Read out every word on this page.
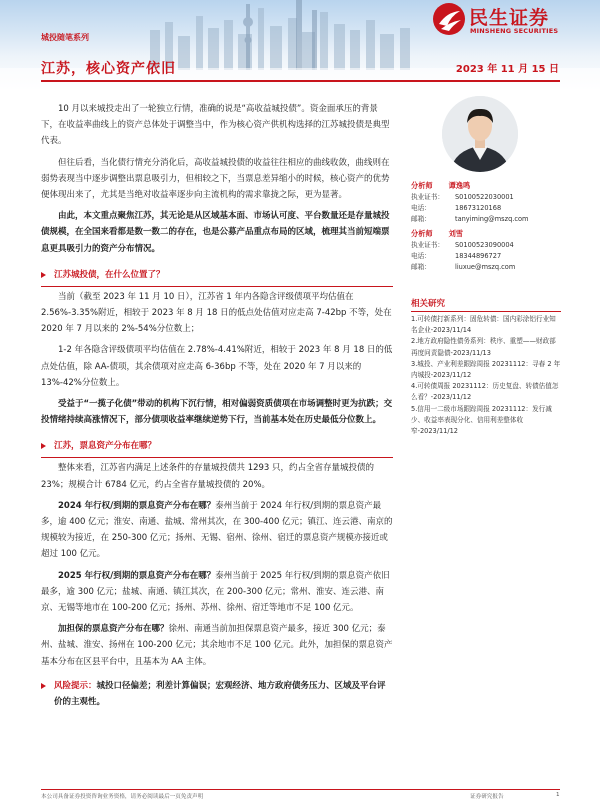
民生证券
MINSHENG SECURITIES
城投随笔系列
江苏，核心资产依旧	2023 年 11 月 15 日

10 月以来城投走出了一轮独立行情，准确的说是“高收益城投债”。资金面承压的背景下，在收益率曲线上的资产总体处于调整当中，作为核心资产供机构选择的江苏城投债是典型代表。

但往后看，当化债行情充分消化后，高收益城投债的收益往往相应的曲线收敛，曲线则在弱势表现当中逐步调整出票息吸引力，但相较之下，当票息差异缩小的时候，核心资产的优势便体现出来了，尤其是当绝对收益率逐步向主流机构的需求靠拢之际，更为显著。

由此，本文重点聚焦江苏，其无论是从区域基本面、市场认可度、平台数量还是存量城投债规模，在全国来看都是数一数二的存在，也是公募产品重点布局的区域，梳理其当前短端票息更具吸引力的资产分布情况。

江苏城投债，在什么位置了？

当前（截至 2023 年 11 月 10 日），江苏省 1 年内各隐含评级债项平均估值在 2.56%-3.35%附近，相较于 2023 年 8 月 18 日的低点处估值对应走高 7-42bp 不等，处在 2020 年 7 月以来的 2%-54%分位数上；

1-2 年各隐含评级债项平均估值在 2.78%-4.41%附近，相较于 2023 年 8 月 18 日的低点处估值，除 AA-债项，其余债项对应走高 6-36bp 不等，处在 2020 年 7 月以来的 13%-42%分位数上。

受益于“一揽子化债”带动的机构下沉行情，相对偏弱资质债项在市场调整时更为抗跌；交投情绪持续高涨情况下，部分债项收益率继续逆势下行，当前基本处在历史最低分位数上。

江苏，票息资产分布在哪？

整体来看，江苏省内满足上述条件的存量城投债共 1293 只，约占全省存量城投债的 23%；规模合计 6784 亿元，约占全省存量城投债的 20%。

2024 年行权/到期的票息资产分布在哪？泰州当前于 2024 年行权/到期的票息资产最多，逾 400 亿元；淮安、南通、盐城、常州其次，在 300-400 亿元；镇江、连云港、南京的规模较为接近，在 250-300 亿元；扬州、无锡、宿州、徐州、宿迁的票息资产规模亦接近或超过 100 亿元。

2025 年行权/到期的票息资产分布在哪？泰州当前于 2025 年行权/到期的票息资产依旧最多，逾 300 亿元；盐城、南通、镇江其次，在 200-300 亿元；常州、淮安、连云港、南京、无锡等地市在 100-200 亿元；扬州、苏州、徐州、宿迁等地市不足 100 亿元。

加担保的票息资产分布在哪？徐州、南通当前加担保票息资产最多，接近 300 亿元；泰州、盐城、淮安、扬州在 100-200 亿元；其余地市不足 100 亿元。此外，加担保的票息资产基本分布在区县平台中，且基本为 AA 主体。

风险提示：城投口径偏差；利差计算偏误；宏观经济、地方政府债务压力、区域及平台评价的主观性。
分析师 谭逸鸣
执业证书：	S0100522030001
电话：	18673120168
邮箱：	tanyiming@mszq.com
分析师 刘雪
执业证书：	S0100523090004
电话：	18344896727
邮箱：	liuxue@mszq.com
相关研究
1.可转债打新系列：固危转债：国内彩涂铝行业知名企业-2023/11/14
2.地方政府隐性债务系列：秩序、重塑——财政部再度问责隐债-2023/11/13
3.城投、产业利差跟踪周报 20231112：寻春 2 年内城投-2023/11/12
4.可转债周报 20231112：历史复盘、转债估值怎么看？-2023/11/12
5.信用一二级市场跟踪周报 20231112：发行减少、收益率表现分化、信用利差整体收窄-2023/11/12
本公司具备证券投资咨询业务资格，请务必阅读最后一页免责声明	证券研究报告	1
